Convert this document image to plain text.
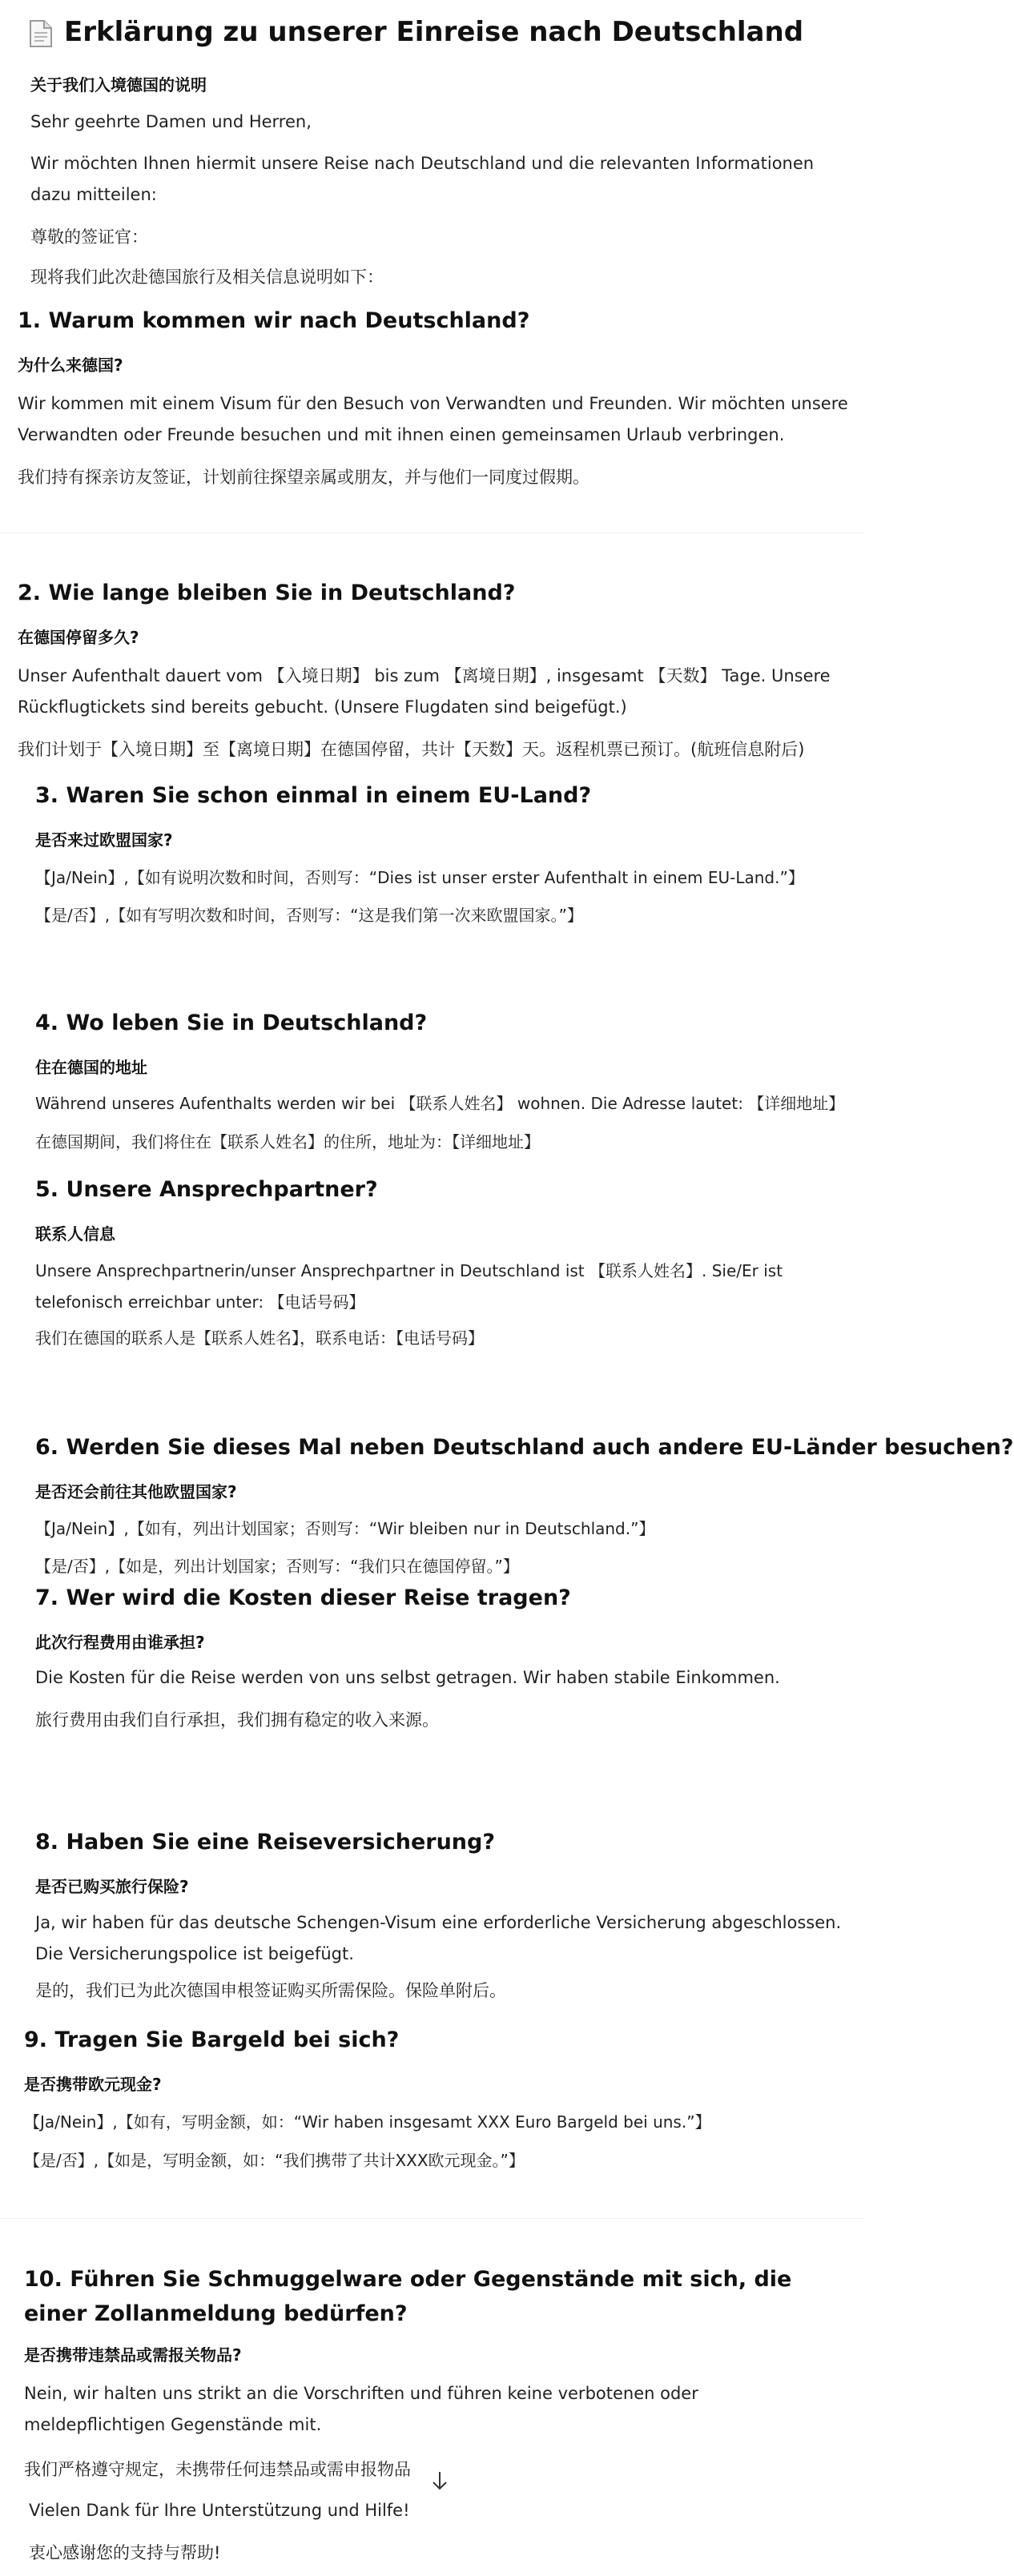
Erklärung zu unserer Einreise nach Deutschland
关于我们入境德国的说明
Sehr geehrte Damen und Herren,
Wir möchten Ihnen hiermit unsere Reise nach Deutschland und die relevanten Informationen dazu mitteilen:
尊敬的签证官：
现将我们此次赴德国旅行及相关信息说明如下：
1. Warum kommen wir nach Deutschland?
为什么来德国?
Wir kommen mit einem Visum für den Besuch von Verwandten und Freunden. Wir möchten unsere Verwandten oder Freunde besuchen und mit ihnen einen gemeinsamen Urlaub verbringen.
我们持有探亲访友签证，计划前往探望亲属或朋友，并与他们一同度过假期。
2. Wie lange bleiben Sie in Deutschland?
在德国停留多久?
Unser Aufenthalt dauert vom 【入境日期】 bis zum 【离境日期】, insgesamt 【天数】 Tage. Unsere Rückflugtickets sind bereits gebucht. (Unsere Flugdaten sind beigefügt.)
我们计划于【入境日期】至【离境日期】在德国停留，共计【天数】天。返程机票已预订。(航班信息附后)
3. Waren Sie schon einmal in einem EU-Land?
是否来过欧盟国家?
【Ja/Nein】,【如有说明次数和时间，否则写：“Dies ist unser erster Aufenthalt in einem EU-Land.”】
【是/否】,【如有写明次数和时间，否则写：“这是我们第一次来欧盟国家。”】
4. Wo leben Sie in Deutschland?
住在德国的地址
Während unseres Aufenthalts werden wir bei 【联系人姓名】 wohnen. Die Adresse lautet: 【详细地址】
在德国期间，我们将住在【联系人姓名】的住所，地址为：【详细地址】
5. Unsere Ansprechpartner?
联系人信息
Unsere Ansprechpartnerin/unser Ansprechpartner in Deutschland ist 【联系人姓名】. Sie/Er ist telefonisch erreichbar unter: 【电话号码】
我们在德国的联系人是【联系人姓名】，联系电话：【电话号码】
6. Werden Sie dieses Mal neben Deutschland auch andere EU-Länder besuchen?
是否还会前往其他欧盟国家?
【Ja/Nein】,【如有，列出计划国家；否则写：“Wir bleiben nur in Deutschland.”】
【是/否】,【如是，列出计划国家；否则写：“我们只在德国停留。”】
7. Wer wird die Kosten dieser Reise tragen?
此次行程费用由谁承担?
Die Kosten für die Reise werden von uns selbst getragen. Wir haben stabile Einkommen.
旅行费用由我们自行承担，我们拥有稳定的收入来源。
8. Haben Sie eine Reiseversicherung?
是否已购买旅行保险?
Ja, wir haben für das deutsche Schengen-Visum eine erforderliche Versicherung abgeschlossen. Die Versicherungspolice ist beigefügt.
是的，我们已为此次德国申根签证购买所需保险。保险单附后。
9. Tragen Sie Bargeld bei sich?
是否携带欧元现金?
【Ja/Nein】,【如有，写明金额，如：“Wir haben insgesamt XXX Euro Bargeld bei uns.”】
【是/否】,【如是，写明金额，如：“我们携带了共计XXX欧元现金。”】
10. Führen Sie Schmuggelware oder Gegenstände mit sich, die einer Zollanmeldung bedürfen?
是否携带违禁品或需报关物品?
Nein, wir halten uns strikt an die Vorschriften und führen keine verbotenen oder meldepflichtigen Gegenstände mit.
我们严格遵守规定，未携带任何违禁品或需申报物品
Vielen Dank für Ihre Unterstützung und Hilfe!
衷心感谢您的支持与帮助!
